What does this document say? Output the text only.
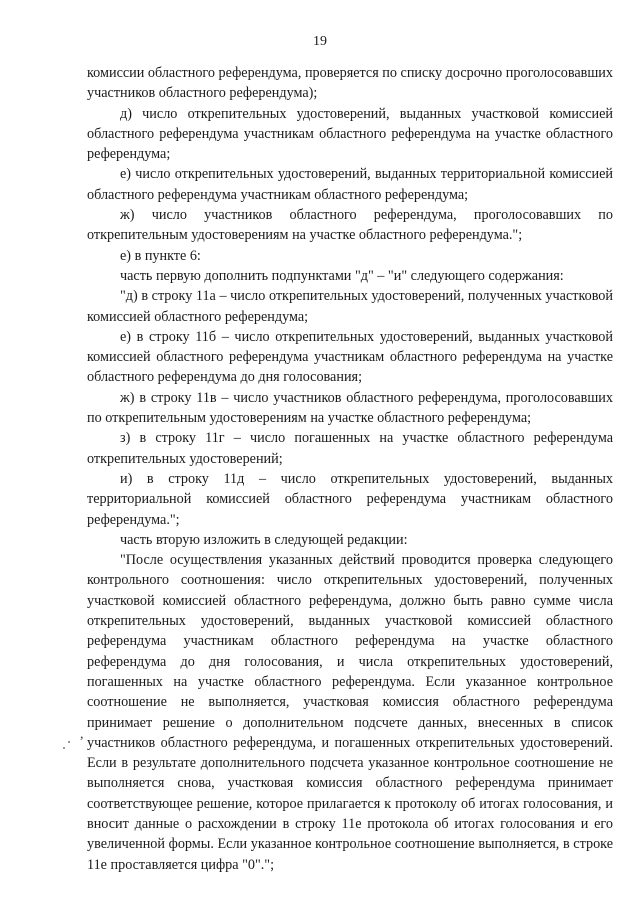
19

комиссии областного референдума, проверяется по списку досрочно проголосовавших участников областного референдума);

д) число открепительных удостоверений, выданных участковой комиссией областного референдума участникам областного референдума на участке областного референдума;

е) число открепительных удостоверений, выданных территориальной комиссией областного референдума участникам областного референдума;

ж) число участников областного референдума, проголосовавших по открепительным удостоверениям на участке областного референдума.";

е) в пункте 6:

часть первую дополнить подпунктами "д" – "и" следующего содержания:

"д) в строку 11а – число открепительных удостоверений, полученных участковой комиссией областного референдума;

е) в строку 11б – число открепительных удостоверений, выданных участковой комиссией областного референдума участникам областного референдума на участке областного референдума до дня голосования;

ж) в строку 11в – число участников областного референдума, проголосовавших по открепительным удостоверениям на участке областного референдума;

з) в строку 11г – число погашенных на участке областного референдума открепительных удостоверений;

и) в строку 11д – число открепительных удостоверений, выданных территориальной комиссией областного референдума участникам областного референдума.";

часть вторую изложить в следующей редакции:

"После осуществления указанных действий проводится проверка следующего контрольного соотношения: число открепительных удостоверений, полученных участковой комиссией областного референдума, должно быть равно сумме числа открепительных удостоверений, выданных участковой комиссией областного референдума участникам областного референдума на участке областного референдума до дня голосования, и числа открепительных удостоверений, погашенных на участке областного референдума. Если указанное контрольное соотношение не выполняется, участковая комиссия областного референдума принимает решение о дополнительном подсчете данных, внесенных в список участников областного референдума, и погашенных открепительных удостоверений. Если в результате дополнительного подсчета указанное контрольное соотношение не выполняется снова, участковая комиссия областного референдума принимает соответствующее решение, которое прилагается к протоколу об итогах голосования, и вносит данные о расхождении в строку 11е протокола об итогах голосования и его увеличенной формы. Если указанное контрольное соотношение выполняется, в строке 11е проставляется цифра "0".";

,
